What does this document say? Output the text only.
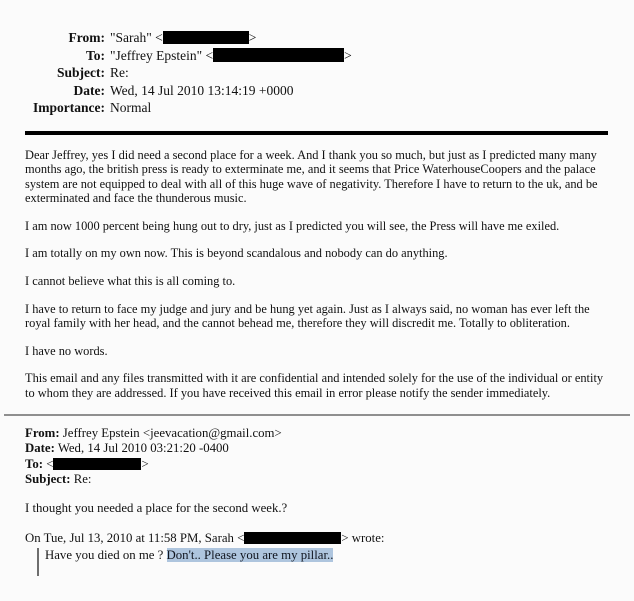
From: "Sarah" <	>
To: "Jeffrey Epstein" <	>
Subject: Re:
Date: Wed, 14 Jul 2010 13:14:19 +0000
Importance: Normal

Dear Jeffrey, yes I did need a second place for a week. And I thank you so much, but just as I predicted many many months ago, the british press is ready to exterminate me, and it seems that Price WaterhouseCoopers and the palace system are not equipped to deal with all of this huge wave of negativity. Therefore I have to return to the uk, and be exterminated and face the thunderous music.

I am now 1000 percent being hung out to dry, just as I predicted you will see, the Press will have me exiled.

I am totally on my own now. This is beyond scandalous and nobody can do anything.

I cannot believe what this is all coming to.

I have to return to face my judge and jury and be hung yet again. Just as I always said, no woman has ever left the royal family with her head, and the cannot behead me, therefore they will discredit me. Totally to obliteration.

I have no words.

This email and any files transmitted with it are confidential and intended solely for the use of the individual or entity to whom they are addressed. If you have received this email in error please notify the sender immediately.

From: Jeffrey Epstein <jeevacation@gmail.com>
Date: Wed, 14 Jul 2010 03:21:20 -0400
To: <	>
Subject: Re:
I thought you needed a place for the second week.?
On Tue, Jul 13, 2010 at 11:58 PM, Sarah <	> wrote:
Have you died on me ? Don't.. Please you are my pillar..
